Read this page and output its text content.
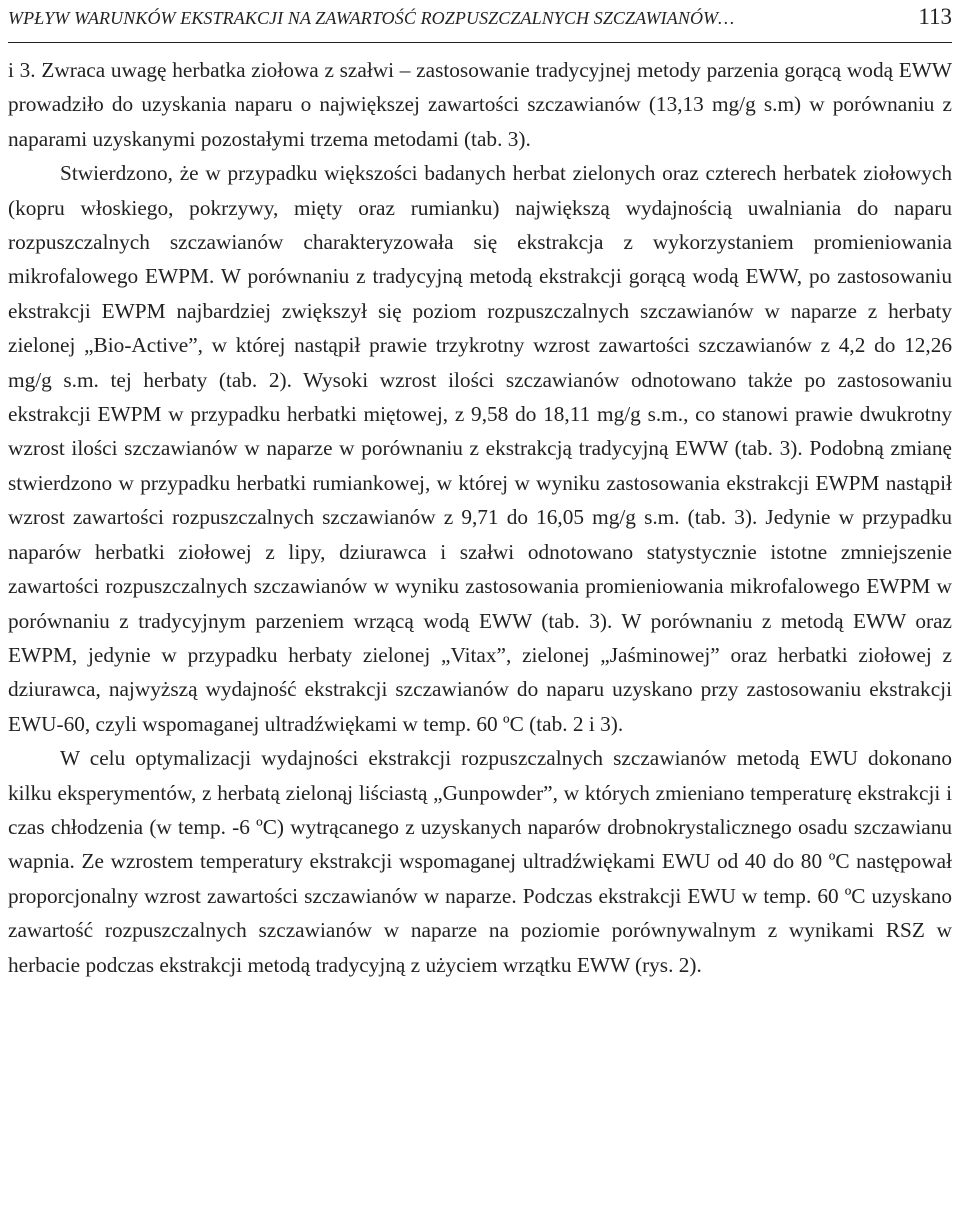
WPŁYW WARUNKÓW EKSTRAKCJI NA ZAWARTOŚĆ ROZPUSZCZALNYCH SZCZAWIANÓW…	113

i 3. Zwraca uwagę herbatka ziołowa z szałwi – zastosowanie tradycyjnej metody parzenia gorącą wodą EWW prowadziło do uzyskania naparu o największej zawartości szczawianów (13,13 mg/g s.m) w porównaniu z naparami uzyskanymi pozostałymi trzema metodami (tab. 3).

Stwierdzono, że w przypadku większości badanych herbat zielonych oraz czterech herbatek ziołowych (kopru włoskiego, pokrzywy, mięty oraz rumianku) największą wydajnością uwalniania do naparu rozpuszczalnych szczawianów charakteryzowała się ekstrakcja z wykorzystaniem promieniowania mikrofalowego EWPM. W porównaniu z tradycyjną metodą ekstrakcji gorącą wodą EWW, po zastosowaniu ekstrakcji EWPM najbardziej zwiększył się poziom rozpuszczalnych szczawianów w naparze z herbaty zielonej „Bio-Active”, w której nastąpił prawie trzykrotny wzrost zawartości szczawianów z 4,2 do 12,26 mg/g s.m. tej herbaty (tab. 2). Wysoki wzrost ilości szczawianów odnotowano także po zastosowaniu ekstrakcji EWPM w przypadku herbatki miętowej, z 9,58 do 18,11 mg/g s.m., co stanowi prawie dwukrotny wzrost ilości szczawianów w naparze w porównaniu z ekstrakcją tradycyjną EWW (tab. 3). Podobną zmianę stwierdzono w przypadku herbatki rumiankowej, w której w wyniku zastosowania ekstrakcji EWPM nastąpił wzrost zawartości rozpuszczalnych szczawianów z 9,71 do 16,05 mg/g s.m. (tab. 3). Jedynie w przypadku naparów herbatki ziołowej z lipy, dziurawca i szałwi odnotowano statystycznie istotne zmniejszenie zawartości rozpuszczalnych szczawianów w wyniku zastosowania promieniowania mikrofalowego EWPM w porównaniu z tradycyjnym parzeniem wrzącą wodą EWW (tab. 3). W porównaniu z metodą EWW oraz EWPM, jedynie w przypadku herbaty zielonej „Vitax”, zielonej „Jaśminowej” oraz herbatki ziołowej z dziurawca, najwyższą wydajność ekstrakcji szczawianów do naparu uzyskano przy zastosowaniu ekstrakcji EWU-60, czyli wspomaganej ultradźwiękami w temp. 60 ºC (tab. 2 i 3).

W celu optymalizacji wydajności ekstrakcji rozpuszczalnych szczawianów metodą EWU dokonano kilku eksperymentów, z herbatą zielonąj liściastą „Gunpowder”, w których zmieniano temperaturę ekstrakcji i czas chłodzenia (w temp. -6 ºC) wytrącanego z uzyskanych naparów drobnokrystalicznego osadu szczawianu wapnia. Ze wzrostem temperatury ekstrakcji wspomaganej ultradźwiękami EWU od 40 do 80 ºC następował proporcjonalny wzrost zawartości szczawianów w naparze. Podczas ekstrakcji EWU w temp. 60 ºC uzyskano zawartość rozpuszczalnych szczawianów w naparze na poziomie porównywalnym z wynikami RSZ w herbacie podczas ekstrakcji metodą tradycyjną z użyciem wrzątku EWW (rys. 2).
